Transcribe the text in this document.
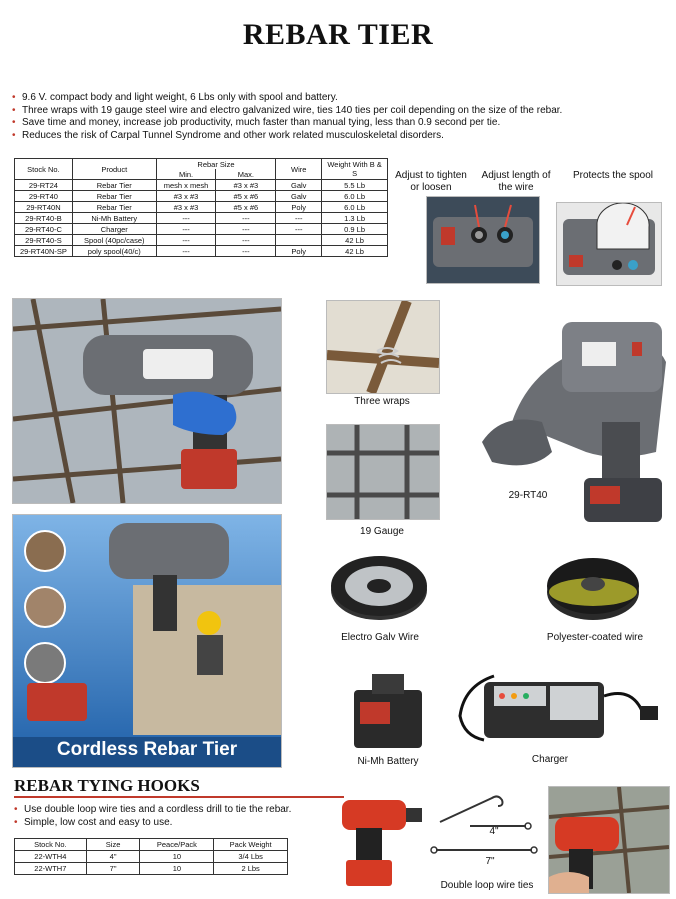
REBAR TIER
• 9.6 V. compact body and light weight, 6 Lbs only with spool and battery.
• Three wraps with 19 gauge steel wire and electro galvanized wire, ties 140 ties per coil depending on the size of the rebar.
• Save time and money, increase job productivity, much faster than manual tying, less than 0.9 second per tie.
• Reduces the risk of Carpal Tunnel Syndrome and other work related musculoskeletal disorders.
Stock No.	Product	Rebar Size		Wire	Weight With B & S
		Min.	Max.		
29-RT24	Rebar Tier	mesh x mesh	#3 x #3	Galv	5.5 Lb
29-RT40	Rebar Tier	#3 x #3	#5 x #6	Galv	6.0 Lb
29-RT40N	Rebar Tier	#3 x #3	#5 x #6	Poly	6.0 Lb
29-RT40-B	Ni-Mh Battery	---	---	---	1.3 Lb
29-RT40-C	Charger	---	---	---	0.9 Lb
29-RT40-S	Spool (40pc/case)	---	---		42 Lb
29-RT40N-SP	poly spool(40/c)	---	---	Poly	42 Lb
Adjust to tighten or loosen
Adjust length of the wire
Protects the spool
Three wraps
19 Gauge
29-RT40
Cordless Rebar Tier
Electro Galv Wire	Polyester-coated wire
Ni-Mh Battery	Charger
REBAR TYING HOOKS
• Use double loop wire ties and a cordless drill to tie the rebar.
• Simple, low cost and easy to use.
Stock No.	Size	Peace/Pack	Pack Weight
22-WTH4	4"	10	3/4 Lbs
22-WTH7	7"	10	2 Lbs
4"
7"
Double loop wire ties
